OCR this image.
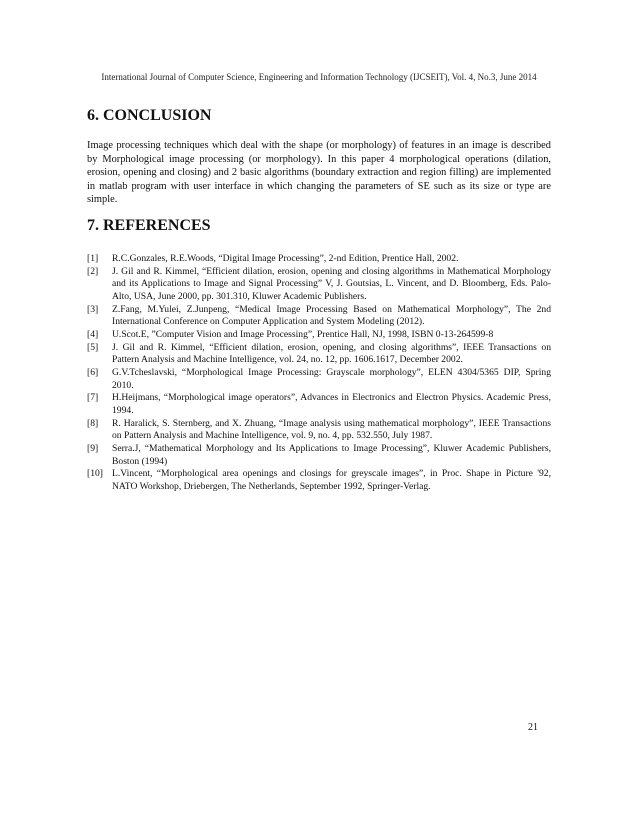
International Journal of Computer Science, Engineering and Information Technology (IJCSEIT), Vol. 4, No.3, June 2014
6. CONCLUSION

Image processing techniques which deal with the shape (or morphology) of features in an image is described by Morphological image processing (or morphology). In this paper 4 morphological operations (dilation, erosion, opening and closing) and 2 basic algorithms (boundary extraction and region filling) are implemented in matlab program with user interface in which changing the parameters of SE such as its size or type are simple.

7. REFERENCES
[1]	R.C.Gonzales, R.E.Woods, “Digital Image Processing”, 2-nd Edition, Prentice Hall, 2002.
[2]	J. Gil and R. Kimmel, “Efficient dilation, erosion, opening and closing algorithms in Mathematical Morphology and its Applications to Image and Signal Processing” V, J. Goutsias, L. Vincent, and D. Bloomberg, Eds. Palo-Alto, USA, June 2000, pp. 301.310, Kluwer Academic Publishers.
[3]	Z.Fang, M.Yulei, Z.Junpeng, “Medical Image Processing Based on Mathematical Morphology”, The 2nd International Conference on Computer Application and System Modeling (2012).
[4]	U.Scot.E, ”Computer Vision and Image Processing”, Prentice Hall, NJ, 1998, ISBN 0-13-264599-8
[5]	J. Gil and R. Kimmel, “Efficient dilation, erosion, opening, and closing algorithms”, IEEE Transactions on Pattern Analysis and Machine Intelligence, vol. 24, no. 12, pp. 1606.1617, December 2002.
[6]	G.V.Tcheslavski, “Morphological Image Processing: Grayscale morphology”, ELEN 4304/5365 DIP, Spring 2010.
[7]	H.Heijmans, “Morphological image operators”, Advances in Electronics and Electron Physics. Academic Press, 1994.
[8]	R. Haralick, S. Sternberg, and X. Zhuang, “Image analysis using mathematical morphology”, IEEE Transactions on Pattern Analysis and Machine Intelligence, vol. 9, no. 4, pp. 532.550, July 1987.
[9]	Serra.J, “Mathematical Morphology and Its Applications to Image Processing”, Kluwer Academic Publishers, Boston (1994)
[10] L.Vincent, “Morphological area openings and closings for greyscale images”, in Proc. Shape in Picture '92, NATO Workshop, Driebergen, The Netherlands, September 1992, Springer-Verlag.
21
